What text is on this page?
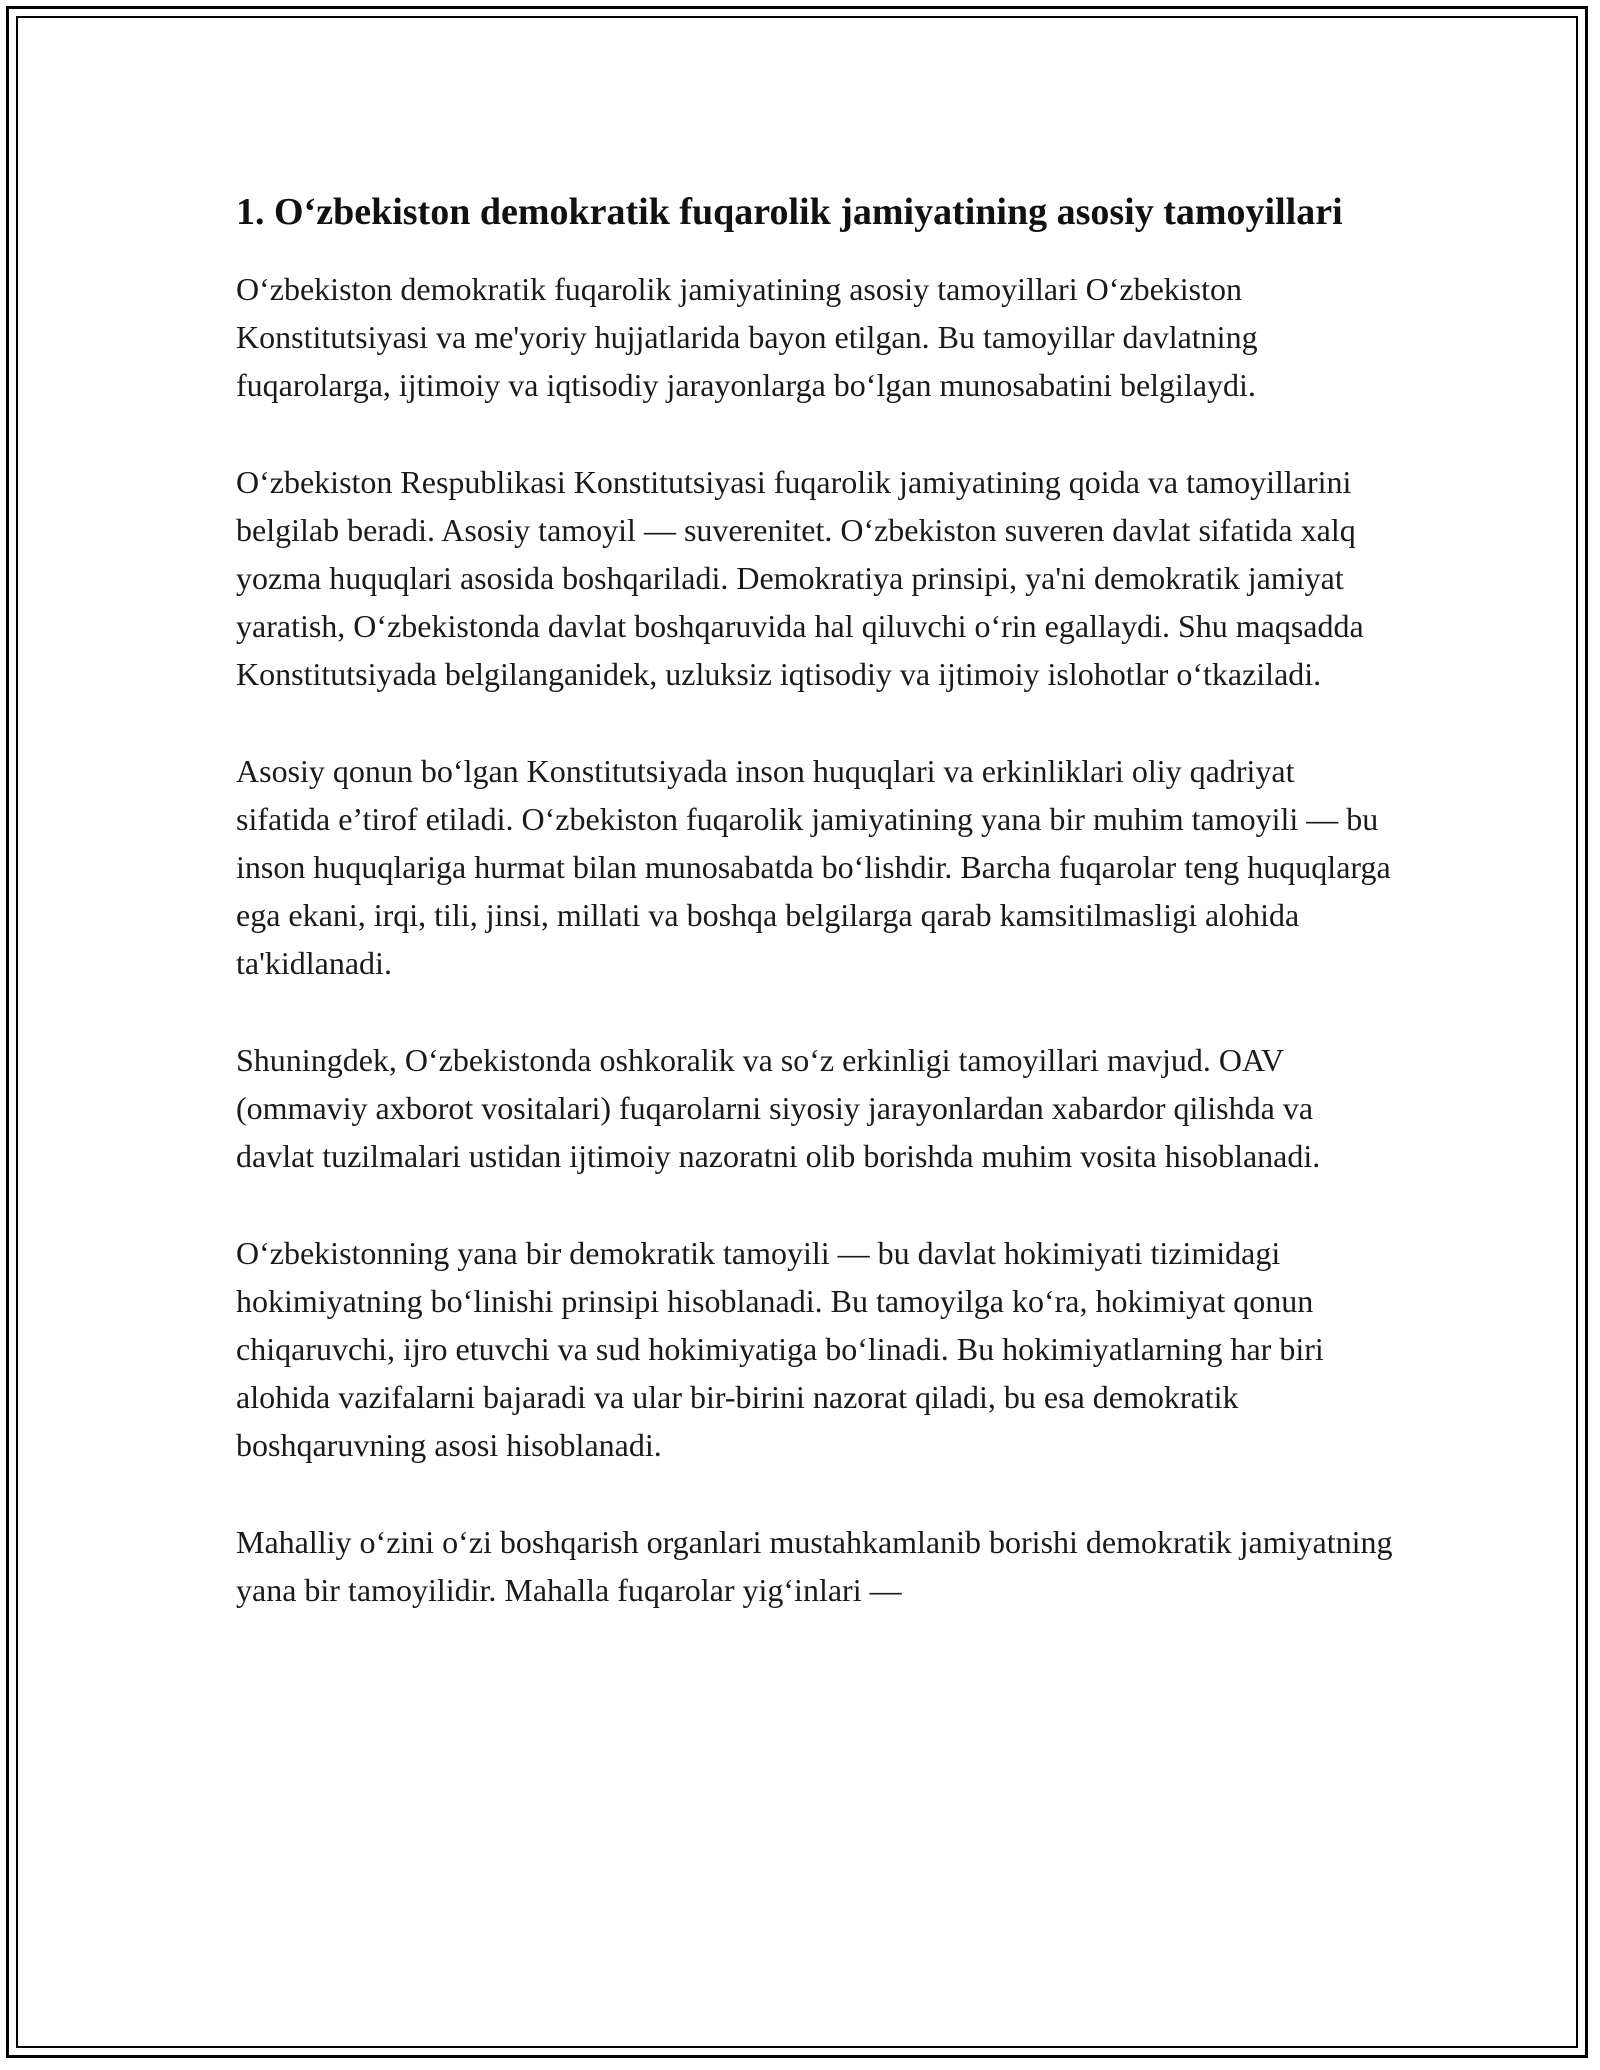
1. O‘zbekiston demokratik fuqarolik jamiyatining asosiy tamoyillari

O‘zbekiston demokratik fuqarolik jamiyatining asosiy tamoyillari O‘zbekiston Konstitutsiyasi va me'yoriy hujjatlarida bayon etilgan. Bu tamoyillar davlatning fuqarolarga, ijtimoiy va iqtisodiy jarayonlarga bo‘lgan munosabatini belgilaydi.

O‘zbekiston Respublikasi Konstitutsiyasi fuqarolik jamiyatining qoida va tamoyillarini belgilab beradi. Asosiy tamoyil — suverenitet. O‘zbekiston suveren davlat sifatida xalq yozma huquqlari asosida boshqariladi. Demokratiya prinsipi, ya'ni demokratik jamiyat yaratish, O‘zbekistonda davlat boshqaruvida hal qiluvchi o‘rin egallaydi. Shu maqsadda Konstitutsiyada belgilanganidek, uzluksiz iqtisodiy va ijtimoiy islohotlar o‘tkaziladi.

Asosiy qonun bo‘lgan Konstitutsiyada inson huquqlari va erkinliklari oliy qadriyat sifatida e’tirof etiladi. O‘zbekiston fuqarolik jamiyatining yana bir muhim tamoyili — bu inson huquqlariga hurmat bilan munosabatda bo‘lishdir. Barcha fuqarolar teng huquqlarga ega ekani, irqi, tili, jinsi, millati va boshqa belgilarga qarab kamsitilmasligi alohida ta'kidlanadi.

Shuningdek, O‘zbekistonda oshkoralik va so‘z erkinligi tamoyillari mavjud. OAV (ommaviy axborot vositalari) fuqarolarni siyosiy jarayonlardan xabardor qilishda va davlat tuzilmalari ustidan ijtimoiy nazoratni olib borishda muhim vosita hisoblanadi.

O‘zbekistonning yana bir demokratik tamoyili — bu davlat hokimiyati tizimidagi hokimiyatning bo‘linishi prinsipi hisoblanadi. Bu tamoyilga ko‘ra, hokimiyat qonun chiqaruvchi, ijro etuvchi va sud hokimiyatiga bo‘linadi. Bu hokimiyatlarning har biri alohida vazifalarni bajaradi va ular bir-birini nazorat qiladi, bu esa demokratik boshqaruvning asosi hisoblanadi.

Mahalliy o‘zini o‘zi boshqarish organlari mustahkamlanib borishi demokratik jamiyatning yana bir tamoyilidir. Mahalla fuqarolar yig‘inlari —
